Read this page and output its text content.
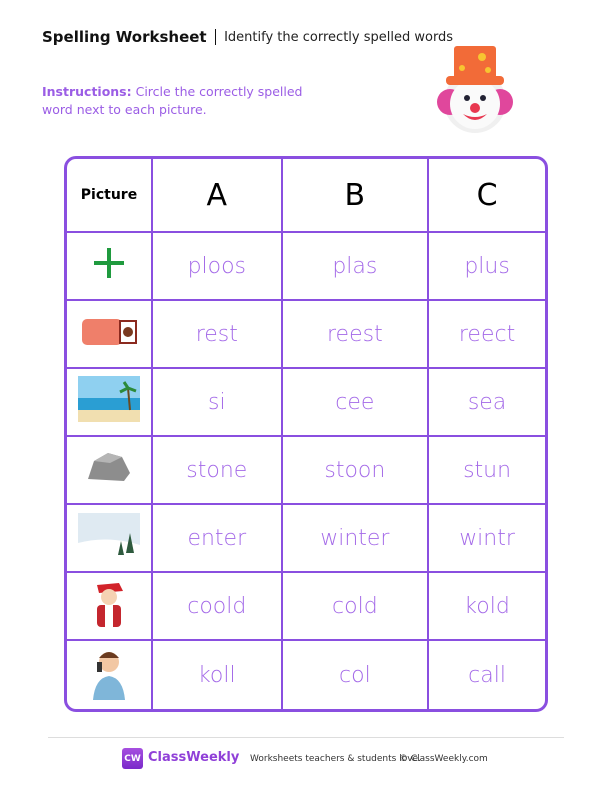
Spelling Worksheet Identify the correctly spelled words
Instructions: Circle the correctly spelled word next to each picture.
Picture	A	B	C
	ploos	plas	plus
	rest	reest	reect
	si	cee	sea
	stone	stoon	stun
	enter	winter	wintr
	coold	cold	kold
	koll	col	call
CW ClassWeekly Worksheets teachers & students love.
© ClassWeekly.com
